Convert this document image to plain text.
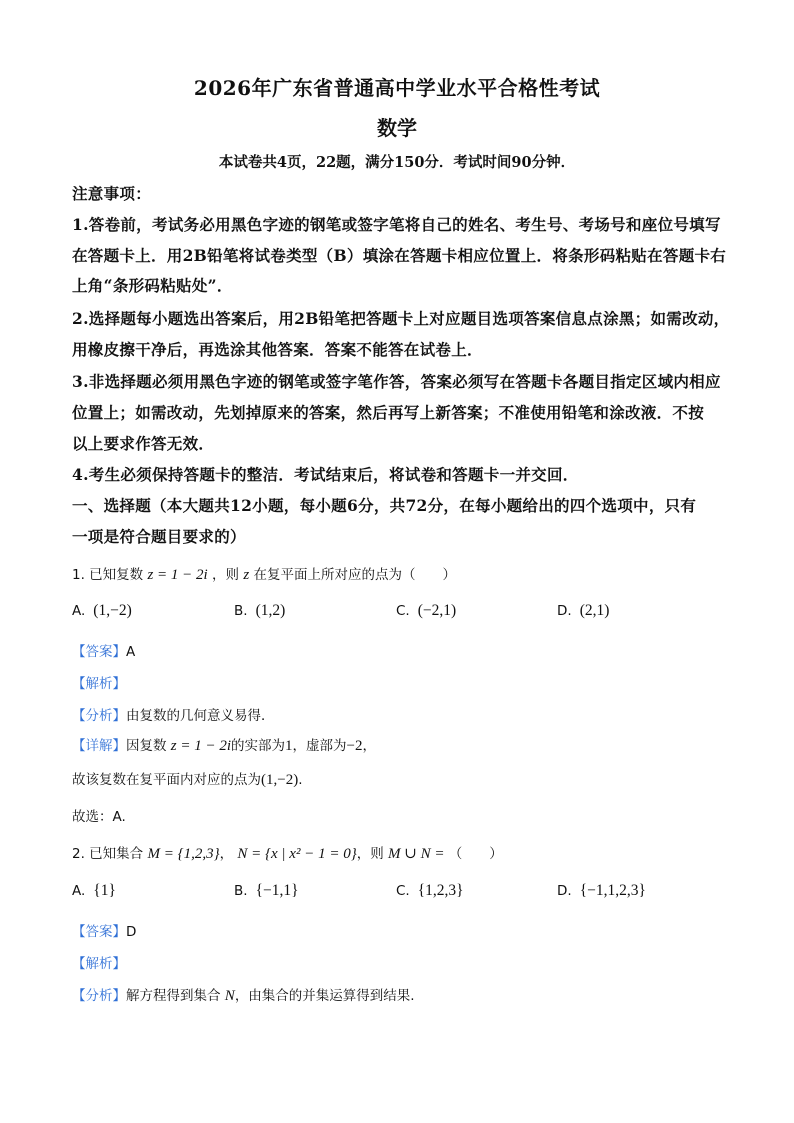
2026年广东省普通高中学业水平合格性考试
数学
本试卷共4页，22题，满分150分．考试时间90分钟．
注意事项：
1.答卷前，考试务必用黑色字迹的钢笔或签字笔将自己的姓名、考生号、考场号和座位号填写
在答题卡上．用2B铅笔将试卷类型（B）填涂在答题卡相应位置上．将条形码粘贴在答题卡右
上角“条形码粘贴处”．
2.选择题每小题选出答案后，用2B铅笔把答题卡上对应题目选项答案信息点涂黑；如需改动，
用橡皮擦干净后，再选涂其他答案．答案不能答在试卷上．
3.非选择题必须用黑色字迹的钢笔或签字笔作答，答案必须写在答题卡各题目指定区域内相应
位置上；如需改动，先划掉原来的答案，然后再写上新答案；不准使用铅笔和涂改液．不按
以上要求作答无效．
4.考生必须保持答题卡的整洁．考试结束后，将试卷和答题卡一并交回．
一、选择题（本大题共12小题，每小题6分，共72分，在每小题给出的四个选项中，只有
一项是符合题目要求的）
1. 已知复数 z = 1 − 2i ，则 z 在复平面上所对应的点为（　　）
A. (1,−2)	B. (1,2)	C. (−2,1)	D. (2,1)
【答案】A
【解析】
【分析】由复数的几何意义易得．
【详解】因复数 z = 1 − 2i的实部为1，虚部为−2，
故该复数在复平面内对应的点为(1,−2).
故选：A.
2. 已知集合 M = {1,2,3}， N = {x | x² − 1 = 0}，则 M ∪ N = （　　）
A. {1}	B. {−1,1}	C. {1,2,3}	D. {−1,1,2,3}
【答案】D
【解析】
【分析】解方程得到集合 N，由集合的并集运算得到结果.
